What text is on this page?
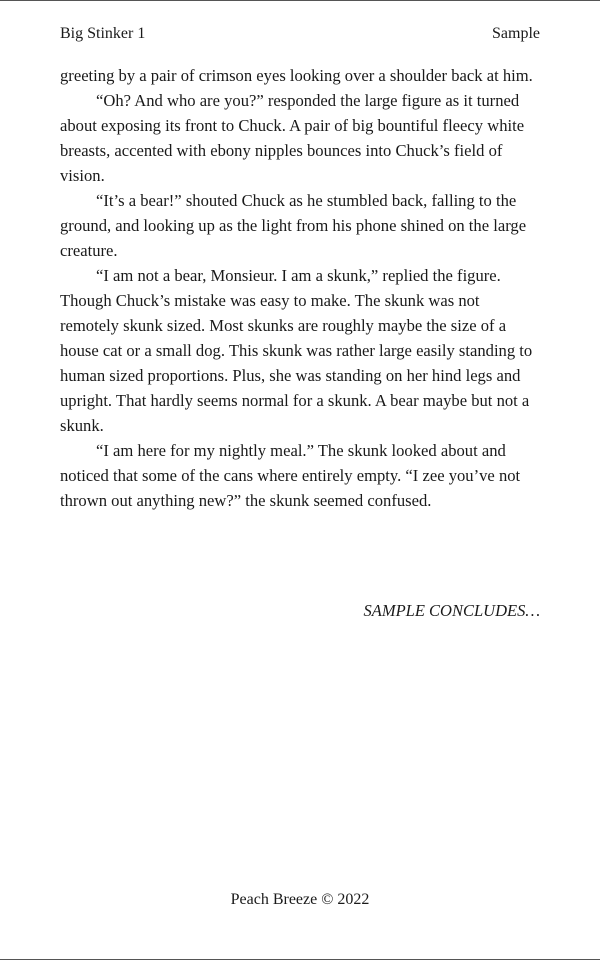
Big Stinker 1	Sample

greeting by a pair of crimson eyes looking over a shoulder back at him.

“Oh? And who are you?” responded the large figure as it turned about exposing its front to Chuck. A pair of big bountiful fleecy white breasts, accented with ebony nipples bounces into Chuck’s field of vision.

“It’s a bear!” shouted Chuck as he stumbled back, falling to the ground, and looking up as the light from his phone shined on the large creature.

“I am not a bear, Monsieur. I am a skunk,” replied the figure. Though Chuck’s mistake was easy to make. The skunk was not remotely skunk sized. Most skunks are roughly maybe the size of a house cat or a small dog. This skunk was rather large easily standing to human sized proportions. Plus, she was standing on her hind legs and upright. That hardly seems normal for a skunk. A bear maybe but not a skunk.

“I am here for my nightly meal.” The skunk looked about and noticed that some of the cans where entirely empty. “I zee you’ve not thrown out anything new?” the skunk seemed confused.

SAMPLE CONCLUDES…
Peach Breeze © 2022
